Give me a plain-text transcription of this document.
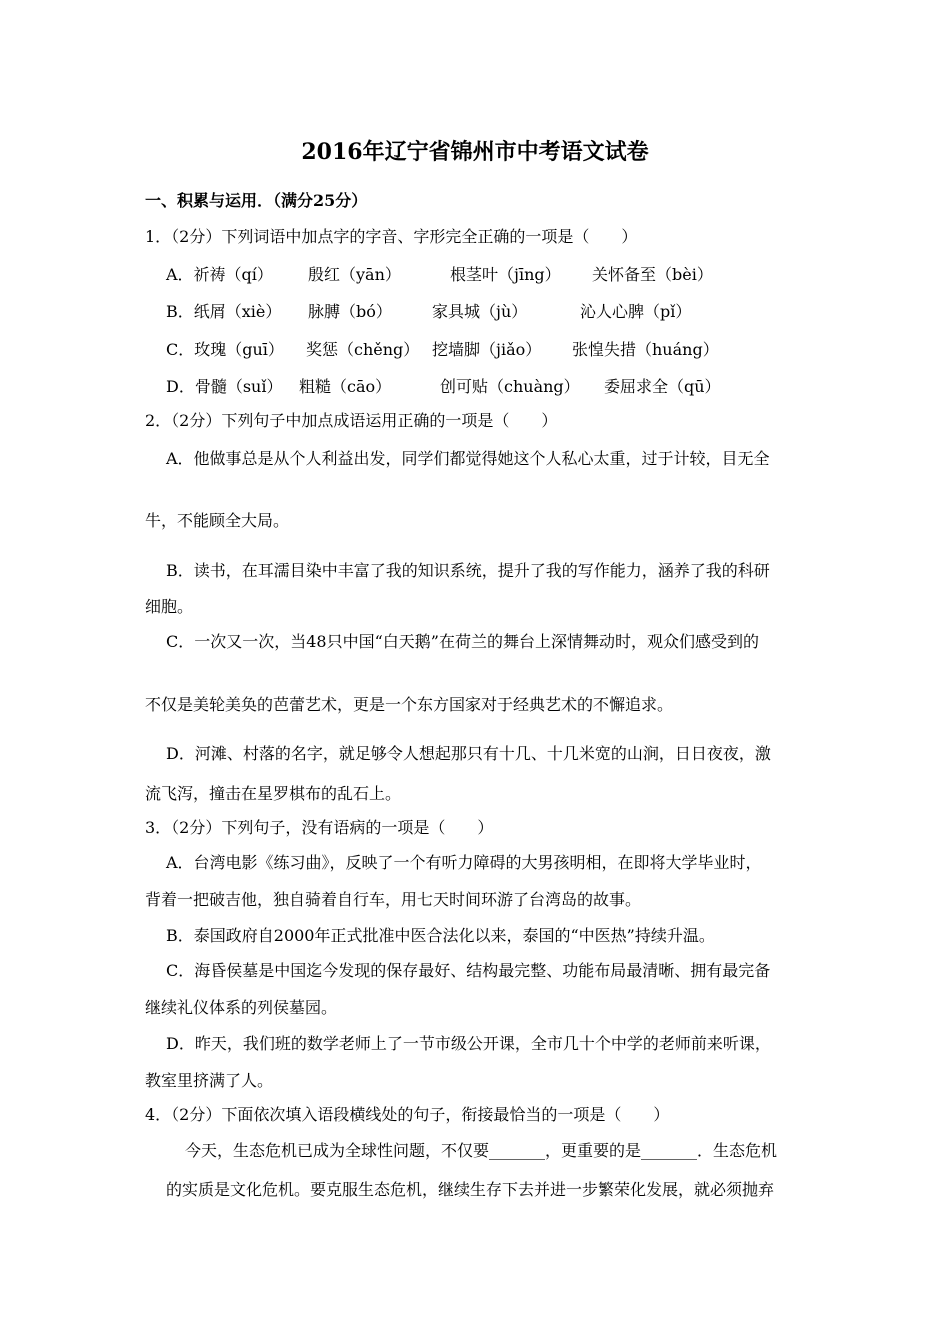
2016年辽宁省锦州市中考语文试卷
一、积累与运用．（满分25分）
1．（2分）下列词语中加点字的字音、字形完全正确的一项是（　　）
A．祈祷（qí） 殷红（yān）	根茎叶（jīng） 关怀备至（bèi）
B．纸屑（xiè） 脉膊（bó）	家具城（jù）	沁人心脾（pǐ）
C．玫瑰（guī） 奖惩（chěng） 挖墙脚（jiǎo） 张惶失措（huáng）
D．骨髓（suǐ） 粗糙（cāo）	创可贴（chuàng） 委屈求全（qū）
2．（2分）下列句子中加点成语运用正确的一项是（　　）
A．他做事总是从个人利益出发，同学们都觉得她这个人私心太重，过于计较，目无全
牛，不能顾全大局。
B．读书，在耳濡目染中丰富了我的知识系统，提升了我的写作能力，涵养了我的科研
细胞。
C．一次又一次，当48只中国“白天鹅”在荷兰的舞台上深情舞动时，观众们感受到的
不仅是美轮美奂的芭蕾艺术，更是一个东方国家对于经典艺术的不懈追求。
D．河滩、村落的名字，就足够令人想起那只有十几、十几米宽的山涧，日日夜夜，激
流飞泻，撞击在星罗棋布的乱石上。
3．（2分）下列句子，没有语病的一项是（　　）
A．台湾电影《练习曲》，反映了一个有听力障碍的大男孩明相，在即将大学毕业时，
背着一把破吉他，独自骑着自行车，用七天时间环游了台湾岛的故事。
B．泰国政府自2000年正式批准中医合法化以来，泰国的“中医热”持续升温。
C．海昏侯墓是中国迄今发现的保存最好、结构最完整、功能布局最清晰、拥有最完备
继续礼仪体系的列侯墓园。
D．昨天，我们班的数学老师上了一节市级公开课，全市几十个中学的老师前来听课，
教室里挤满了人。
4．（2分）下面依次填入语段横线处的句子，衔接最恰当的一项是（　　）
今天，生态危机已成为全球性问题，不仅要_______，更重要的是_______．生态危机
的实质是文化危机。要克服生态危机，继续生存下去并进一步繁荣化发展，就必须抛弃
